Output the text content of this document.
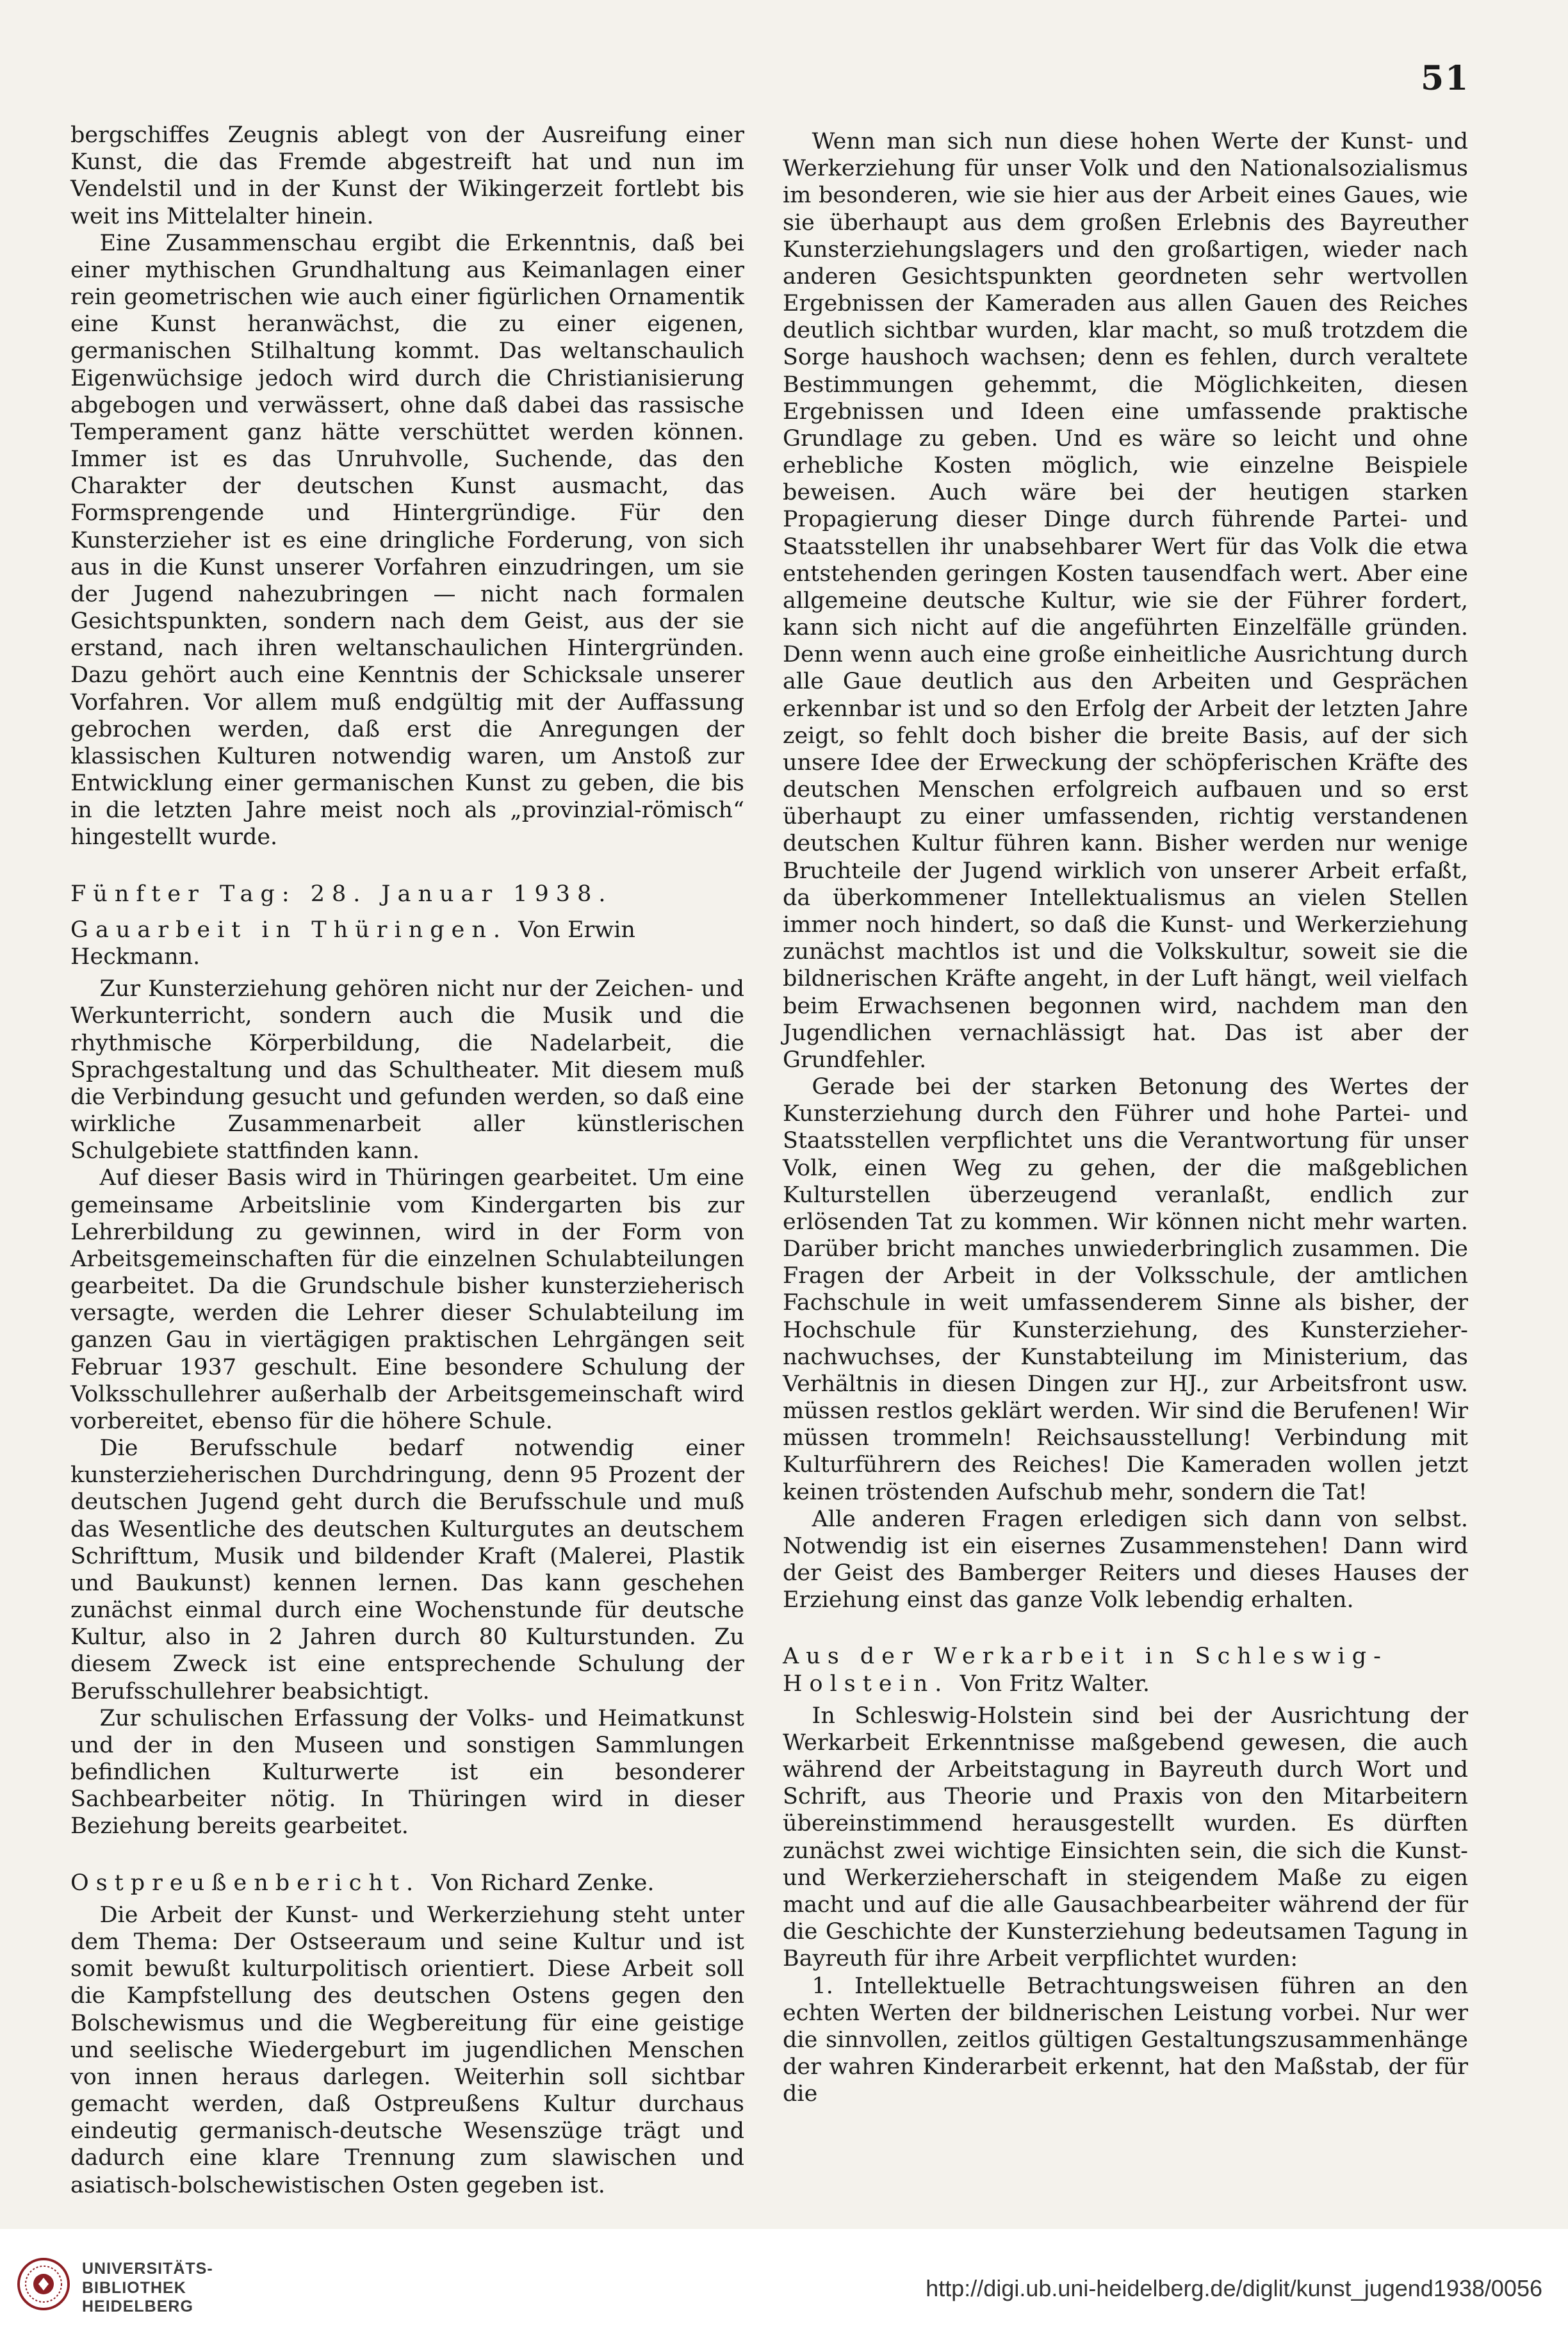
51

bergschiffes Zeugnis ablegt von der Ausreifung einer Kunst, die das Fremde abgestreift hat und nun im Vendelstil und in der Kunst der Wikingerzeit fortlebt bis weit ins Mittelalter hinein.

Eine Zusammenschau ergibt die Erkenntnis, daß bei einer mythischen Grundhaltung aus Keimanlagen einer rein geometrischen wie auch einer figürlichen Ornamentik eine Kunst heranwächst, die zu einer eigenen, germanischen Stilhaltung kommt. Das weltanschaulich Eigenwüchsige jedoch wird durch die Christianisierung abgebogen und verwässert, ohne daß dabei das rassische Temperament ganz hätte verschüttet werden können. Immer ist es das Unruhvolle, Suchende, das den Charakter der deutschen Kunst ausmacht, das Formsprengende und Hintergründige. Für den Kunsterzieher ist es eine dringliche Forderung, von sich aus in die Kunst unserer Vorfahren einzudringen, um sie der Jugend nahezubringen — nicht nach formalen Gesichtspunkten, sondern nach dem Geist, aus der sie erstand, nach ihren weltanschaulichen Hintergründen. Dazu gehört auch eine Kenntnis der Schicksale unserer Vorfahren. Vor allem muß endgültig mit der Auffassung gebrochen werden, daß erst die Anregungen der klassischen Kulturen notwendig waren, um Anstoß zur Entwicklung einer germanischen Kunst zu geben, die bis in die letzten Jahre meist noch als „provinzial-römisch“ hingestellt wurde.

Fünfter Tag: 28. Januar 1938.
Gauarbeit in Thüringen. Von Erwin Heckmann.

Zur Kunsterziehung gehören nicht nur der Zeichen- und Werkunterricht, sondern auch die Musik und die rhythmische Körperbildung, die Nadelarbeit, die Sprachgestaltung und das Schultheater. Mit diesem muß die Verbindung gesucht und gefunden werden, so daß eine wirkliche Zusammenarbeit aller künstlerischen Schulgebiete stattfinden kann.

Auf dieser Basis wird in Thüringen gearbeitet. Um eine gemeinsame Arbeitslinie vom Kindergarten bis zur Lehrerbildung zu gewinnen, wird in der Form von Arbeitsgemeinschaften für die einzelnen Schulabteilungen gearbeitet. Da die Grundschule bisher kunsterzieherisch versagte, werden die Lehrer dieser Schulabteilung im ganzen Gau in viertägigen praktischen Lehrgängen seit Februar 1937 geschult. Eine besondere Schulung der Volksschullehrer außerhalb der Arbeitsgemeinschaft wird vorbereitet, ebenso für die höhere Schule.

Die Berufsschule bedarf notwendig einer kunsterzieherischen Durchdringung, denn 95 Prozent der deutschen Jugend geht durch die Berufsschule und muß das Wesentliche des deutschen Kulturgutes an deutschem Schrifttum, Musik und bildender Kraft (Malerei, Plastik und Baukunst) kennen lernen. Das kann geschehen zunächst einmal durch eine Wochenstunde für deutsche Kultur, also in 2 Jahren durch 80 Kulturstunden. Zu diesem Zweck ist eine entsprechende Schulung der Berufsschullehrer beabsichtigt.

Zur schulischen Erfassung der Volks- und Heimatkunst und der in den Museen und sonstigen Sammlungen befindlichen Kulturwerte ist ein besonderer Sachbearbeiter nötig. In Thüringen wird in dieser Beziehung bereits gearbeitet.

Ostpreußenbericht. Von Richard Zenke.

Die Arbeit der Kunst- und Werkerziehung steht unter dem Thema: Der Ostseeraum und seine Kultur und ist somit bewußt kulturpolitisch orientiert. Diese Arbeit soll die Kampfstellung des deutschen Ostens gegen den Bolschewismus und die Wegbereitung für eine geistige und seelische Wiedergeburt im jugendlichen Menschen von innen heraus darlegen. Weiterhin soll sichtbar gemacht werden, daß Ostpreußens Kultur durchaus eindeutig germanisch-deutsche Wesenszüge trägt und dadurch eine klare Trennung zum slawischen und asiatisch-bolschewistischen Osten gegeben ist.

Wenn man sich nun diese hohen Werte der Kunst- und Werkerziehung für unser Volk und den Nationalsozialismus im besonderen, wie sie hier aus der Arbeit eines Gaues, wie sie überhaupt aus dem großen Erlebnis des Bayreuther Kunsterziehungslagers und den großartigen, wieder nach anderen Gesichtspunkten geordneten sehr wertvollen Ergebnissen der Kameraden aus allen Gauen des Reiches deutlich sichtbar wurden, klar macht, so muß trotzdem die Sorge haushoch wachsen; denn es fehlen, durch veraltete Bestimmungen gehemmt, die Möglichkeiten, diesen Ergebnissen und Ideen eine umfassende praktische Grundlage zu geben. Und es wäre so leicht und ohne erhebliche Kosten möglich, wie einzelne Beispiele beweisen. Auch wäre bei der heutigen starken Propagierung dieser Dinge durch führende Partei- und Staatsstellen ihr unabsehbarer Wert für das Volk die etwa entstehenden geringen Kosten tausendfach wert. Aber eine allgemeine deutsche Kultur, wie sie der Führer fordert, kann sich nicht auf die angeführten Einzelfälle gründen. Denn wenn auch eine große einheitliche Ausrichtung durch alle Gaue deutlich aus den Arbeiten und Gesprächen erkennbar ist und so den Erfolg der Arbeit der letzten Jahre zeigt, so fehlt doch bisher die breite Basis, auf der sich unsere Idee der Erweckung der schöpferischen Kräfte des deutschen Menschen erfolgreich aufbauen und so erst überhaupt zu einer umfassenden, richtig verstandenen deutschen Kultur führen kann. Bisher werden nur wenige Bruchteile der Jugend wirklich von unserer Arbeit erfaßt, da überkommener Intellektualismus an vielen Stellen immer noch hindert, so daß die Kunst- und Werkerziehung zunächst machtlos ist und die Volkskultur, soweit sie die bildnerischen Kräfte angeht, in der Luft hängt, weil vielfach beim Erwachsenen begonnen wird, nachdem man den Jugendlichen vernachlässigt hat. Das ist aber der Grundfehler.

Gerade bei der starken Betonung des Wertes der Kunsterziehung durch den Führer und hohe Partei- und Staatsstellen verpflichtet uns die Verantwortung für unser Volk, einen Weg zu gehen, der die maßgeblichen Kulturstellen überzeugend veranlaßt, endlich zur erlösenden Tat zu kommen. Wir können nicht mehr warten. Darüber bricht manches unwiederbringlich zusammen. Die Fragen der Arbeit in der Volksschule, der amtlichen Fachschule in weit umfassenderem Sinne als bisher, der Hochschule für Kunsterziehung, des Kunsterziehernachwuchses, der Kunstabteilung im Ministerium, das Verhältnis in diesen Dingen zur HJ., zur Arbeitsfront usw. müssen restlos geklärt werden. Wir sind die Berufenen! Wir müssen trommeln! Reichsausstellung! Verbindung mit Kulturführern des Reiches! Die Kameraden wollen jetzt keinen tröstenden Aufschub mehr, sondern die Tat!

Alle anderen Fragen erledigen sich dann von selbst. Notwendig ist ein eisernes Zusammenstehen! Dann wird der Geist des Bamberger Reiters und dieses Hauses der Erziehung einst das ganze Volk lebendig erhalten.

Aus der Werkarbeit in Schleswig-Holstein. Von Fritz Walter.

In Schleswig-Holstein sind bei der Ausrichtung der Werkarbeit Erkenntnisse maßgebend gewesen, die auch während der Arbeitstagung in Bayreuth durch Wort und Schrift, aus Theorie und Praxis von den Mitarbeitern übereinstimmend herausgestellt wurden. Es dürften zunächst zwei wichtige Einsichten sein, die sich die Kunst- und Werkerzieherschaft in steigendem Maße zu eigen macht und auf die alle Gausachbearbeiter während der für die Geschichte der Kunsterziehung bedeutsamen Tagung in Bayreuth für ihre Arbeit verpflichtet wurden:

1. Intellektuelle Betrachtungsweisen führen an den echten Werten der bildnerischen Leistung vorbei. Nur wer die sinnvollen, zeitlos gültigen Gestaltungszusammenhänge der wahren Kinderarbeit erkennt, hat den Maßstab, der für die

UNIVERSITÄTS-
BIBLIOTHEK
HEIDELBERG
http://digi.ub.uni-heidelberg.de/diglit/kunst_jugend1938/0056
